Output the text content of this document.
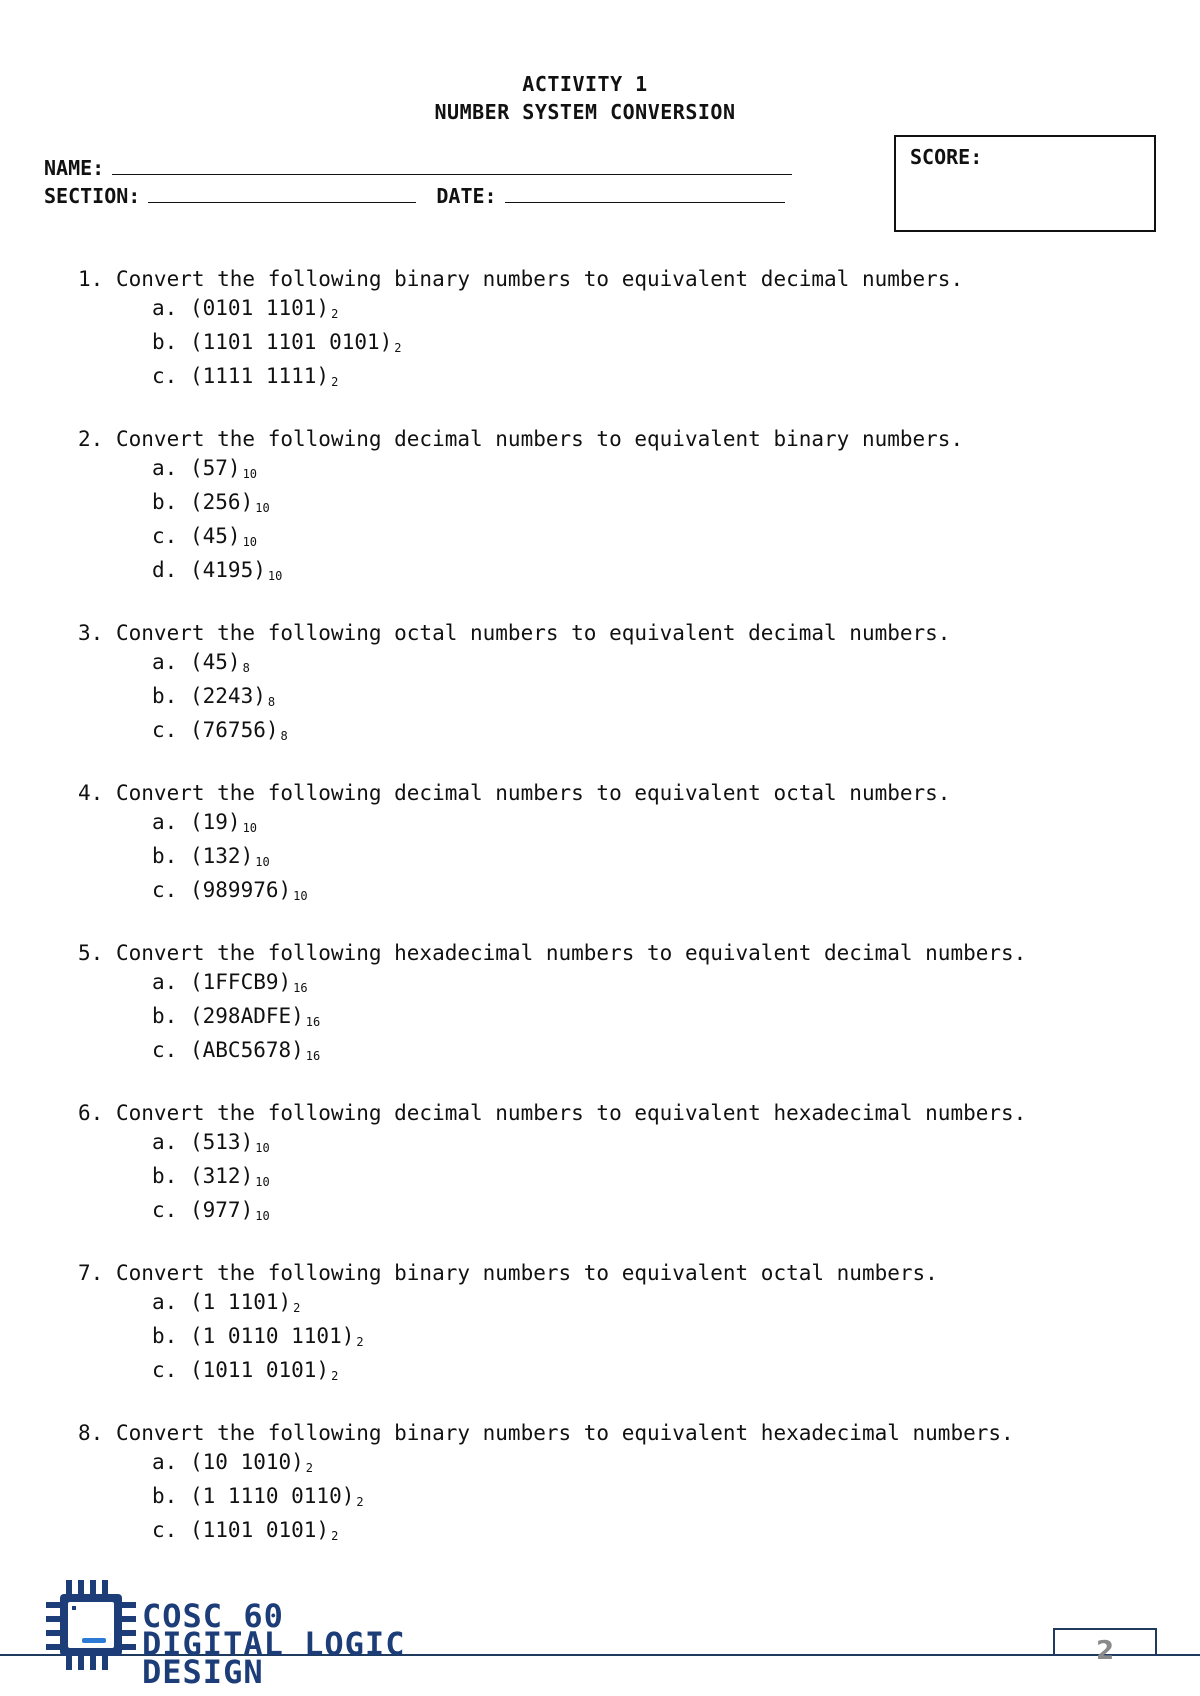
ACTIVITY 1
NUMBER SYSTEM CONVERSION
NAME:
SECTION:	DATE:
SCORE:
1. Convert the following binary numbers to equivalent decimal numbers.
a. (0101 1101) $_2$
b. (1101 1101 0101) $_2$
c. (1111 1111) $_2$
2. Convert the following decimal numbers to equivalent binary numbers.
a. (57) $_{10}$
b. (256) $_{10}$
c. (45) $_{10}$
d. (4195) $_{10}$
3. Convert the following octal numbers to equivalent decimal numbers.
a. (45) $_8$
b. (2243) $_8$
c. (76756) $_8$
4. Convert the following decimal numbers to equivalent octal numbers.
a. (19) $_{10}$
b. (132) $_{10}$
c. (989976) $_{10}$
5. Convert the following hexadecimal numbers to equivalent decimal numbers.
a. (1FFCB9) $_{16}$
b. (298ADFE) $_{16}$
c. (ABC5678) $_{16}$
6. Convert the following decimal numbers to equivalent hexadecimal numbers.
a. (513) $_{10}$
b. (312) $_{10}$
c. (977) $_{10}$
7. Convert the following binary numbers to equivalent octal numbers.
a. (1 1101) $_2$
b. (1 0110 1101) $_2$
c. (1011 0101) $_2$
8. Convert the following binary numbers to equivalent hexadecimal numbers.
a. (10 1010) $_2$
b. (1 1110 0110) $_2$
c. (1101 0101) $_2$
COSC 60
DIGITAL LOGIC
DESIGN
2
